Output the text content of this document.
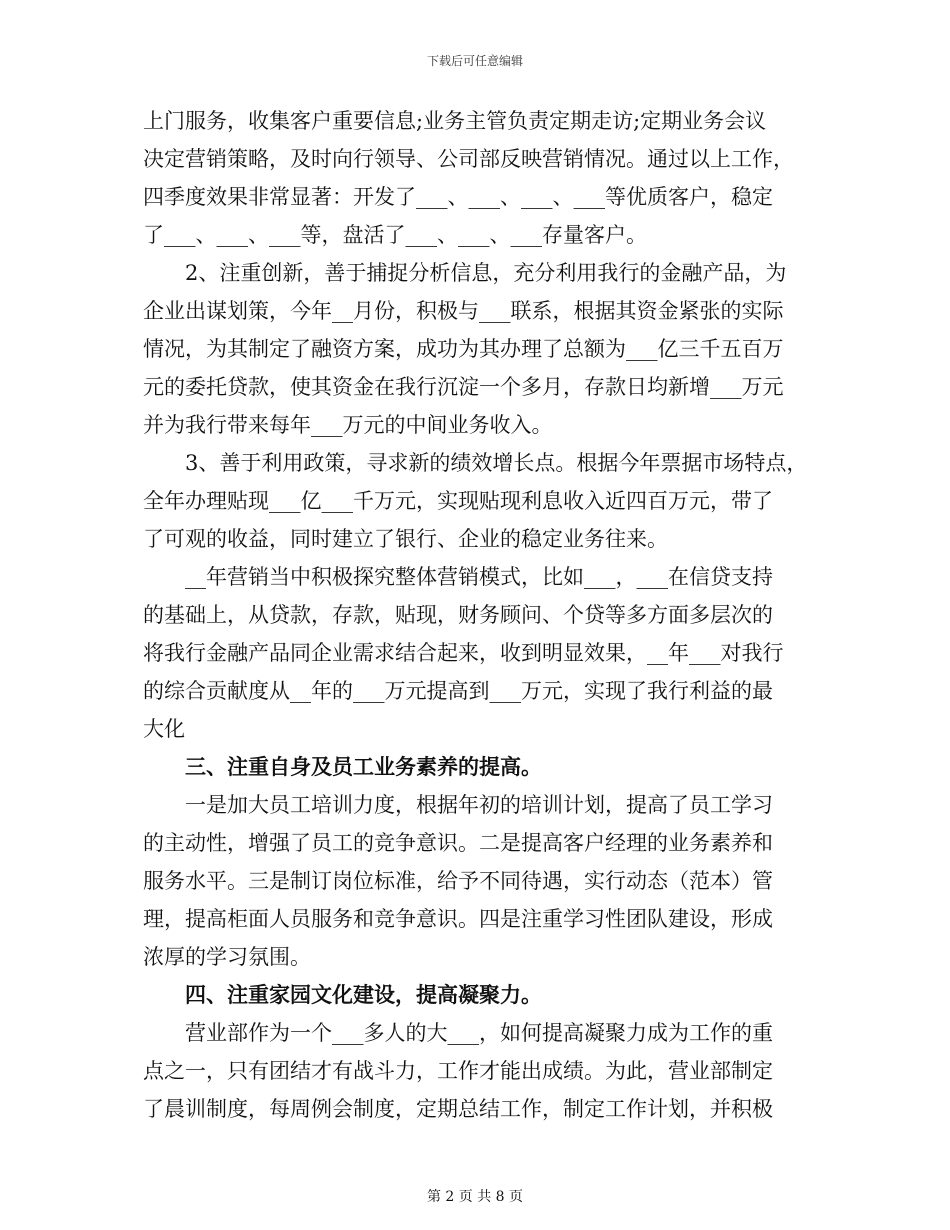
下载后可任意编辑
上门服务，收集客户重要信息;业务主管负责定期走访;定期业务会议
决定营销策略，及时向行领导、公司部反映营销情况。通过以上工作，
四季度效果非常显著：开发了___、___、___、___等优质客户，稳定
了___、___、___等，盘活了___、___、___存量客户。
2、注重创新，善于捕捉分析信息，充分利用我行的金融产品，为
企业出谋划策，今年__月份，积极与___联系，根据其资金紧张的实际
情况，为其制定了融资方案，成功为其办理了总额为___亿三千五百万
元的委托贷款，使其资金在我行沉淀一个多月，存款日均新增___万元
并为我行带来每年___万元的中间业务收入。
3、善于利用政策，寻求新的绩效增长点。根据今年票据市场特点，
全年办理贴现___亿___千万元，实现贴现利息收入近四百万元，带了
了可观的收益，同时建立了银行、企业的稳定业务往来。
__年营销当中积极探究整体营销模式，比如___，___在信贷支持
的基础上，从贷款，存款，贴现，财务顾问、个贷等多方面多层次的
将我行金融产品同企业需求结合起来，收到明显效果，__年___对我行
的综合贡献度从__年的___万元提高到___万元，实现了我行利益的最
大化
三、注重自身及员工业务素养的提高。
一是加大员工培训力度，根据年初的培训计划，提高了员工学习
的主动性，增强了员工的竞争意识。二是提高客户经理的业务素养和
服务水平。三是制订岗位标准，给予不同待遇，实行动态（范本）管
理，提高柜面人员服务和竞争意识。四是注重学习性团队建设，形成
浓厚的学习氛围。
四、注重家园文化建设，提高凝聚力。
营业部作为一个___多人的大___，如何提高凝聚力成为工作的重
点之一，只有团结才有战斗力，工作才能出成绩。为此，营业部制定
了晨训制度，每周例会制度，定期总结工作，制定工作计划，并积极
第 2 页 共 8 页
